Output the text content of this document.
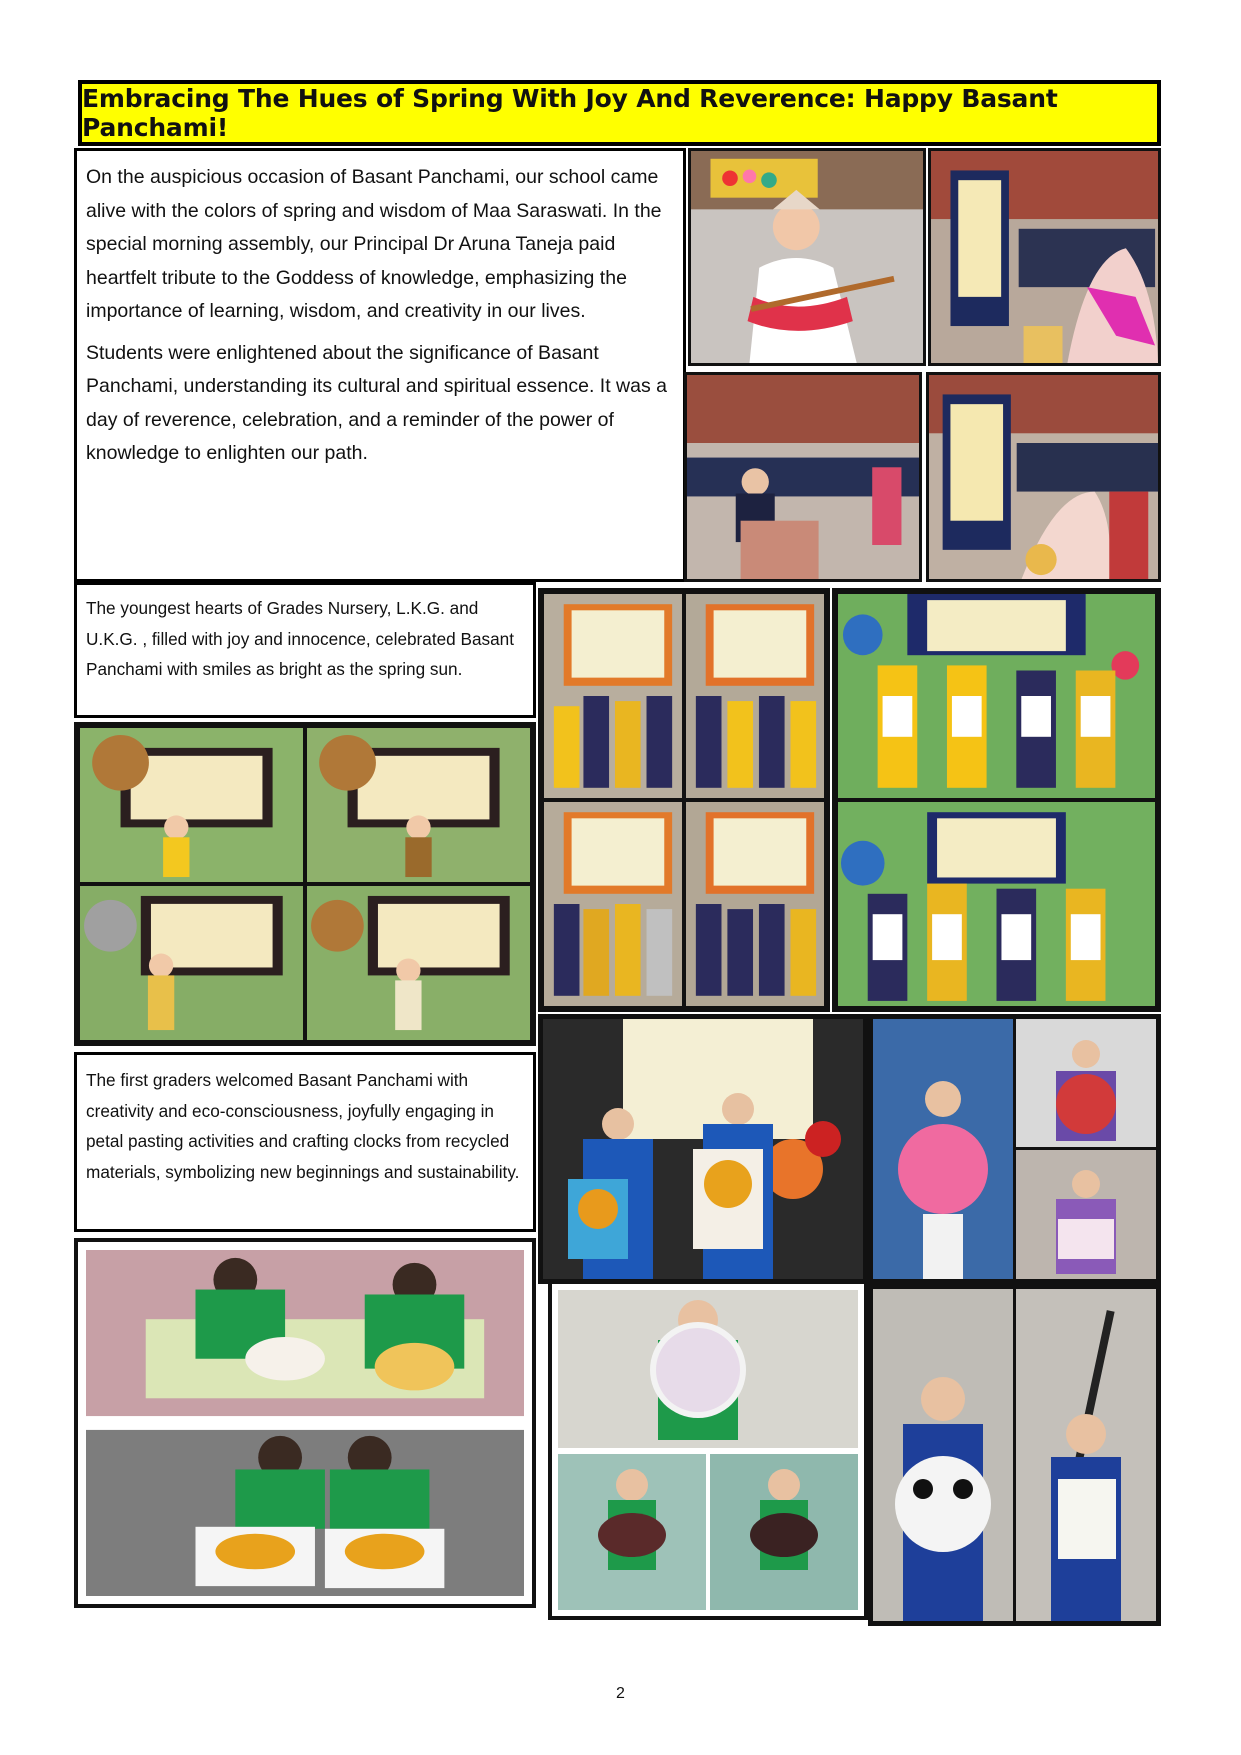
Embracing The Hues of Spring With Joy And Reverence: Happy Basant Panchami!

On the auspicious occasion of Basant Panchami, our school came alive with the colors of spring and wisdom of Maa Saraswati. In the special morning assembly, our Principal Dr Aruna Taneja paid heartfelt tribute to the Goddess of knowledge, emphasizing the importance of learning, wisdom, and creativity in our lives.

Students were enlightened about the significance of Basant Panchami, understanding its cultural and spiritual essence. It was a day of reverence, celebration, and a reminder of the power of knowledge to enlighten our path.

The youngest hearts of Grades Nursery, L.K.G. and U.K.G. , filled with joy and innocence, celebrated Basant Panchami with smiles as bright as the spring sun.

The first graders welcomed Basant Panchami with creativity and eco-consciousness, joyfully engaging in petal pasting activities and crafting clocks from recycled materials, symbolizing new beginnings and sustainability.

2
